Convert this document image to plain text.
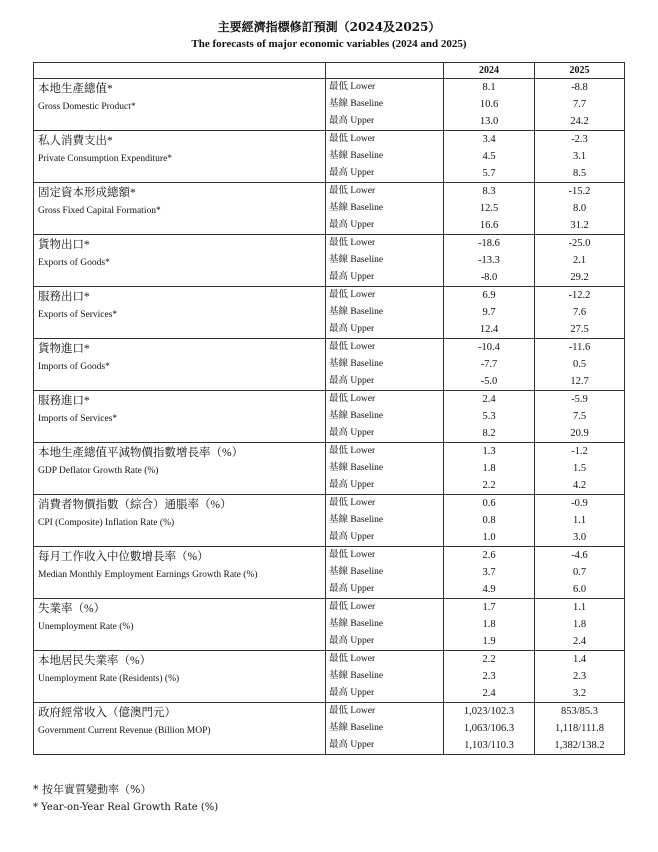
主要經濟指標修訂預測（2024及2025）
The forecasts of major economic variables (2024 and 2025)
		2024	2025

本地生產總值*
Gross Domestic Product*	最低 Lower	8.1	-8.8
	基線 Baseline	10.6	7.7
	最高 Upper	13.0	24.2

私人消費支出*
Private Consumption Expenditure*	最低 Lower	3.4	-2.3
	基線 Baseline	4.5	3.1
	最高 Upper	5.7	8.5

固定資本形成總額*
Gross Fixed Capital Formation*	最低 Lower	8.3	-15.2
	基線 Baseline	12.5	8.0
	最高 Upper	16.6	31.2

貨物出口*
Exports of Goods*	最低 Lower	-18.6	-25.0
	基線 Baseline	-13.3	2.1
	最高 Upper	-8.0	29.2

服務出口*
Exports of Services*	最低 Lower	6.9	-12.2
	基線 Baseline	9.7	7.6
	最高 Upper	12.4	27.5

貨物進口*
Imports of Goods*	最低 Lower	-10.4	-11.6
	基線 Baseline	-7.7	0.5
	最高 Upper	-5.0	12.7

服務進口*
Imports of Services*	最低 Lower	2.4	-5.9
	基線 Baseline	5.3	7.5
	最高 Upper	8.2	20.9

本地生產總值平減物價指數增長率（%）
GDP Deflator Growth Rate (%)	最低 Lower	1.3	-1.2
	基線 Baseline	1.8	1.5
	最高 Upper	2.2	4.2

消費者物價指數（綜合）通脹率（%）
CPI (Composite) Inflation Rate (%)	最低 Lower	0.6	-0.9
	基線 Baseline	0.8	1.1
	最高 Upper	1.0	3.0

每月工作收入中位數增長率（%）
Median Monthly Employment Earnings Growth Rate (%)	最低 Lower	2.6	-4.6
	基線 Baseline	3.7	0.7
	最高 Upper	4.9	6.0

失業率（%）
Unemployment Rate (%)	最低 Lower	1.7	1.1
	基線 Baseline	1.8	1.8
	最高 Upper	1.9	2.4

本地居民失業率（%）
Unemployment Rate (Residents) (%)	最低 Lower	2.2	1.4
	基線 Baseline	2.3	2.3
	最高 Upper	2.4	3.2

政府經常收入（億澳門元）
Government Current Revenue (Billion MOP)	最低 Lower	1,023/102.3	853/85.3
	基線 Baseline	1,063/106.3	1,118/111.8
	最高 Upper	1,103/110.3	1,382/138.2
* 按年實質變動率（%）
* Year-on-Year Real Growth Rate (%)
